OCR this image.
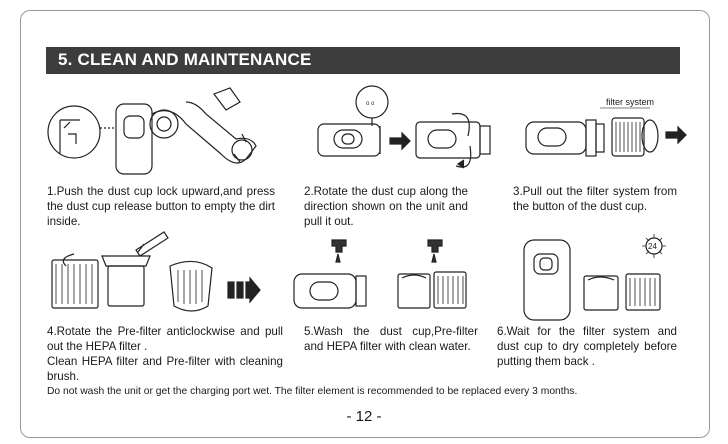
5. CLEAN AND MAINTENANCE
o o	filter system
1.Push the dust cup lock upward,and press the dust cup release button to empty the dirt inside.
2.Rotate the dust cup along the direction shown on the unit and pull it out.
3.Pull out the filter system from the button of the dust cup.
24
4.Rotate the Pre-filter anticlockwise and pull out the HEPA filter .
Clean HEPA filter and Pre-filter with cleaning brush.
5.Wash the dust cup,Pre-filter and HEPA filter with clean water.
6.Wait for the filter system and dust cup to dry completely before putting them back .
Do not wash the unit or get the charging port wet. The filter element is recommended to be replaced every 3 months.
- 12 -
